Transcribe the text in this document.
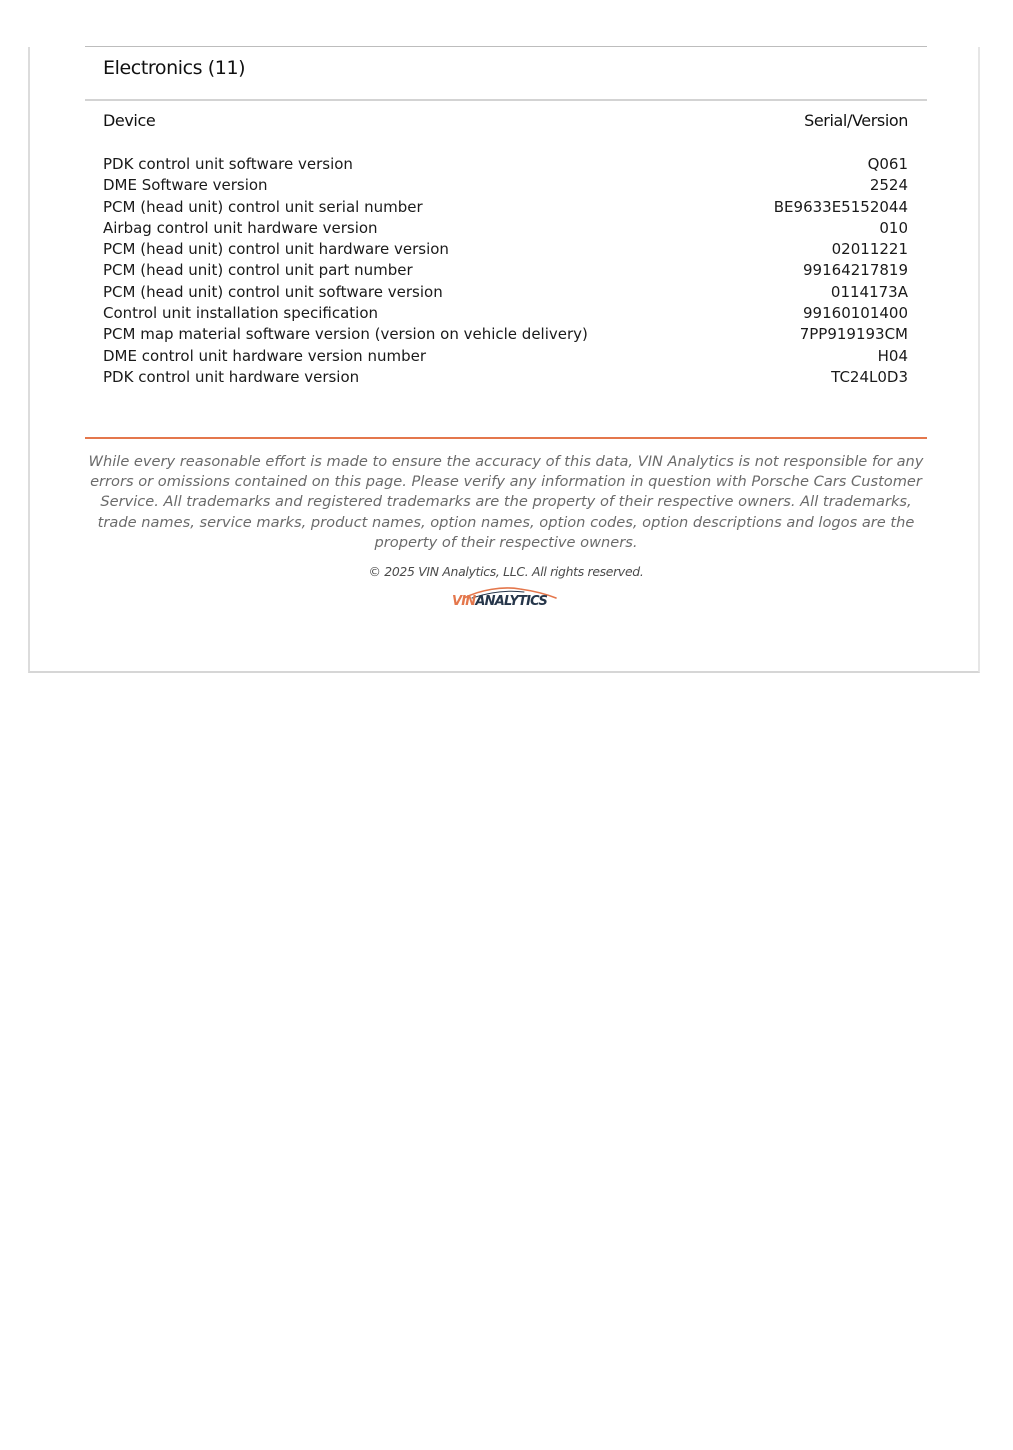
Electronics (11)
Device	Serial/Version
PDK control unit software version	Q061
DME Software version	2524
PCM (head unit) control unit serial number	BE9633E5152044
Airbag control unit hardware version	010
PCM (head unit) control unit hardware version	02011221
PCM (head unit) control unit part number	99164217819
PCM (head unit) control unit software version	0114173A
Control unit installation specification	99160101400
PCM map material software version (version on vehicle delivery)	7PP919193CM
DME control unit hardware version number	H04
PDK control unit hardware version	TC24L0D3

While every reasonable effort is made to ensure the accuracy of this data, VIN Analytics is not responsible for any errors or omissions contained on this page. Please verify any information in question with Porsche Cars Customer Service. All trademarks and registered trademarks are the property of their respective owners. All trademarks, trade names, service marks, product names, option names, option codes, option descriptions and logos are the property of their respective owners.

© 2025 VIN Analytics, LLC. All rights reserved.

VINANALYTICS
